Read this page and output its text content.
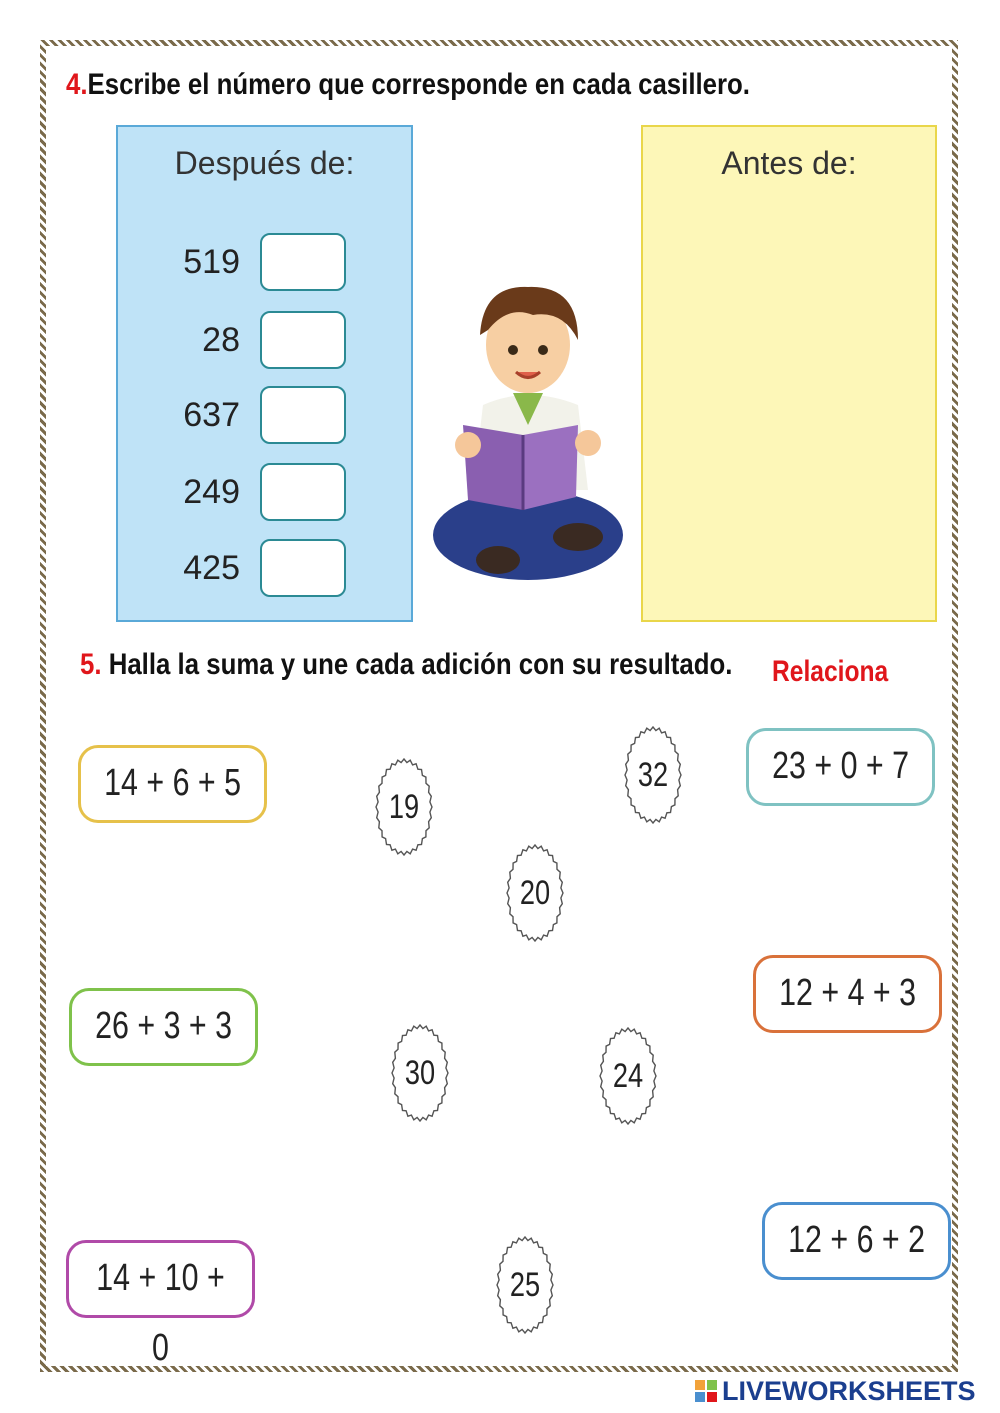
4.Escribe el número que corresponde en cada casillero.
Después de:
519
28
637
249
425
Antes de:
5. Halla la suma y une cada adición con su resultado. Relaciona
14 + 6 + 5
26 + 3 + 3
14 + 10 + 0
23 + 0 + 7
12 + 4 + 3
12 + 6 + 2
19
32
20
30	24
25
LIVEWORKSHEETS
